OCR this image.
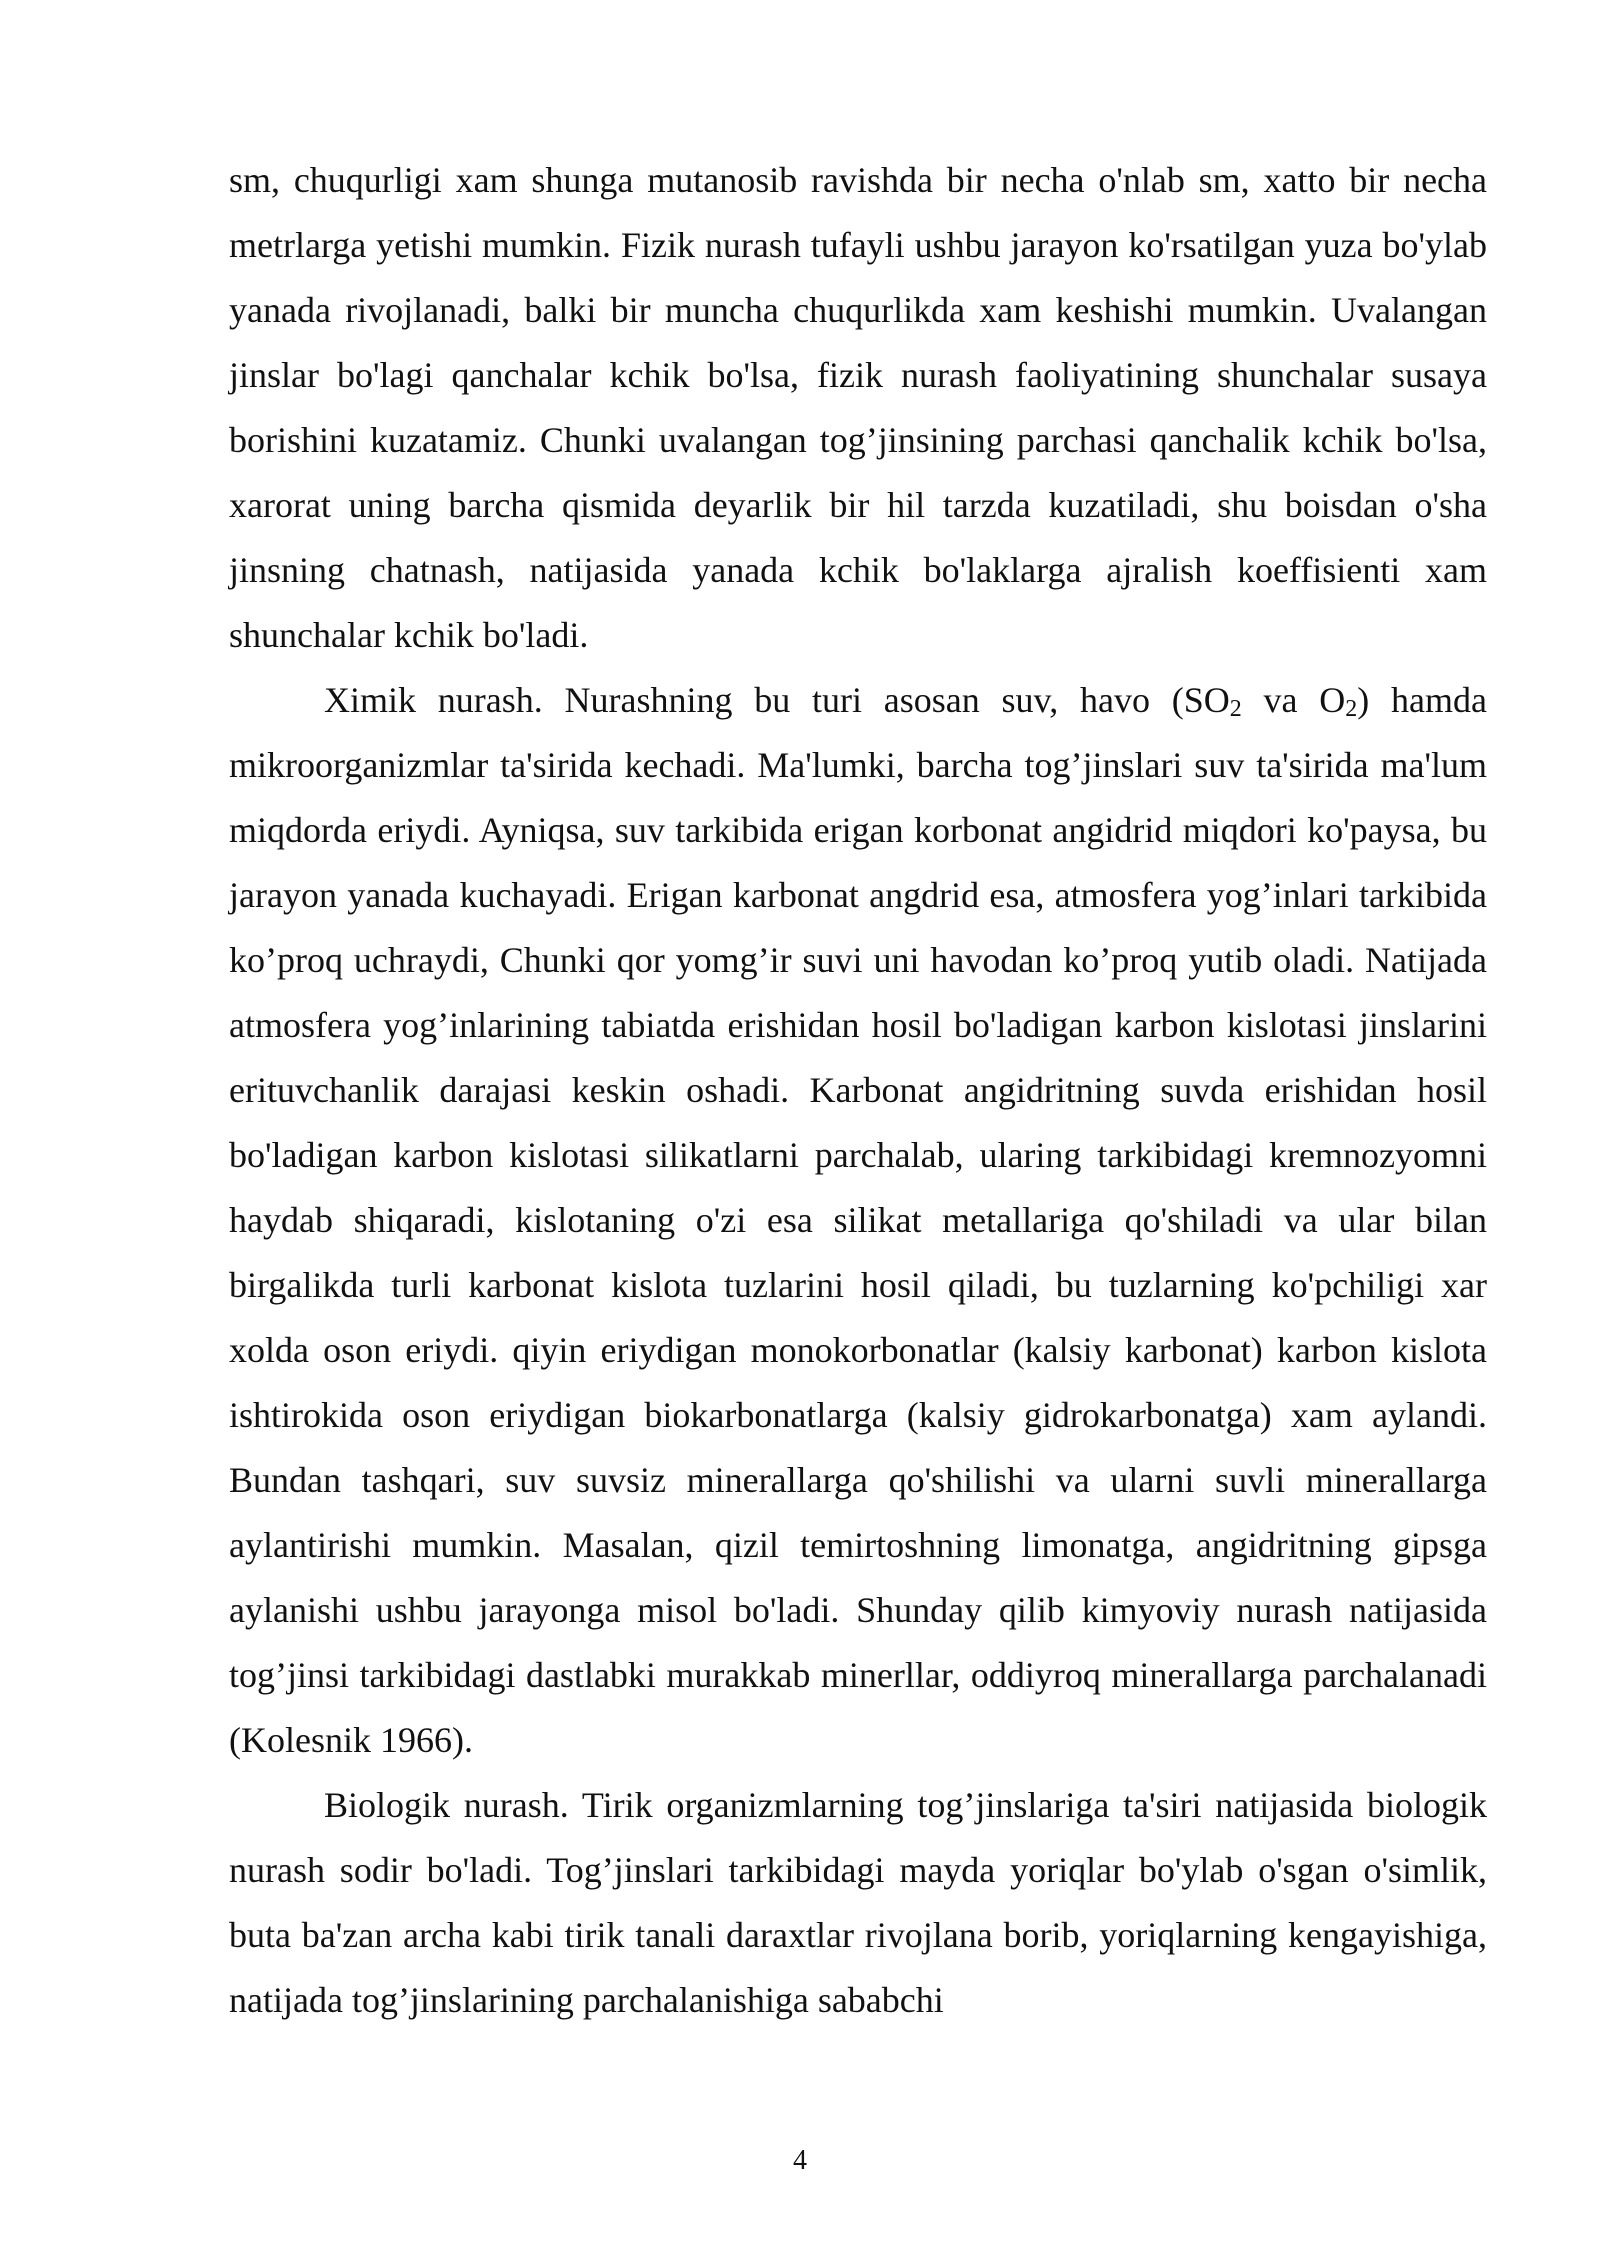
sm, chuqurligi xam shunga mutanosib ravishda bir necha o'nlab sm, xatto bir necha metrlarga yetishi mumkin. Fizik nurash tufayli ushbu jarayon ko'rsatilgan yuza bo'ylab yanada rivojlanadi, balki bir muncha chuqurlikda xam keshishi mumkin. Uvalangan jinslar bo'lagi qanchalar kchik bo'lsa, fizik nurash faoliyatining shunchalar susaya borishini kuzatamiz. Chunki uvalangan tog’jinsining parchasi qanchalik kchik bo'lsa, xarorat uning barcha qismida deyarlik bir hil tarzda kuzatiladi, shu boisdan o'sha jinsning chatnash, natijasida yanada kchik bo'laklarga ajralish koeffisienti xam shunchalar kchik bo'ladi.

Ximik nurash. Nurashning bu turi asosan suv, havo ($SO_2$ va $O_2$) hamda mikroorganizmlar ta'sirida kechadi. Ma'lumki, barcha tog’jinslari suv ta'sirida ma'lum miqdorda eriydi. Ayniqsa, suv tarkibida erigan korbonat angidrid miqdori ko'paysa, bu jarayon yanada kuchayadi. Erigan karbonat angdrid esa, atmosfera yog’inlari tarkibida ko’proq uchraydi, Chunki qor yomg’ir suvi uni havodan ko’proq yutib oladi. Natijada atmosfera yog’inlarining tabiatda erishidan hosil bo'ladigan karbon kislotasi jinslarini erituvchanlik darajasi keskin oshadi. Karbonat angidritning suvda erishidan hosil bo'ladigan karbon kislotasi silikatlarni parchalab, ularing tarkibidagi kremnozyomni haydab shiqaradi, kislotaning o'zi esa silikat metallariga qo'shiladi va ular bilan birgalikda turli karbonat kislota tuzlarini hosil qiladi, bu tuzlarning ko'pchiligi xar xolda oson eriydi. qiyin eriydigan monokorbonatlar (kalsiy karbonat) karbon kislota ishtirokida oson eriydigan biokarbonatlarga (kalsiy gidrokarbonatga) xam aylandi. Bundan tashqari, suv suvsiz minerallarga qo'shilishi va ularni suvli minerallarga aylantirishi mumkin. Masalan, qizil temirtoshning limonatga, angidritning gipsga aylanishi ushbu jarayonga misol bo'ladi. Shunday qilib kimyoviy nurash natijasida tog’jinsi tarkibidagi dastlabki murakkab minerllar, oddiyroq minerallarga parchalanadi (Kolesnik 1966).

Biologik nurash. Tirik organizmlarning tog’jinslariga ta'siri natijasida biologik nurash sodir bo'ladi. Tog’jinslari tarkibidagi mayda yoriqlar bo'ylab o'sgan o'simlik, buta ba'zan archa kabi tirik tanali daraxtlar rivojlana borib, yoriqlarning kengayishiga, natijada tog’jinslarining parchalanishiga sababchi

4
